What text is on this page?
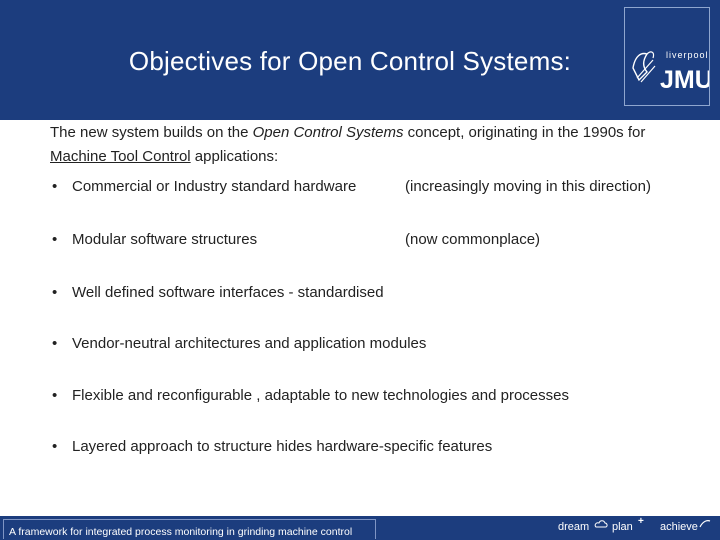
Objectives for Open Control Systems:	liverpool
JMU
The new system builds on the Open Control Systems concept, originating in the 1990s for Machine Tool Control applications:
• Commercial or Industry standard hardware	(increasingly moving in this direction)
• Modular software structures	(now commonplace)
• Well defined software interfaces - standardised
• Vendor-neutral architectures and application modules
• Flexible and reconfigurable , adaptable to new technologies and processes
• Layered approach to structure hides hardware-specific features
A framework for integrated process monitoring in grinding machine control	dream plan + achieve
